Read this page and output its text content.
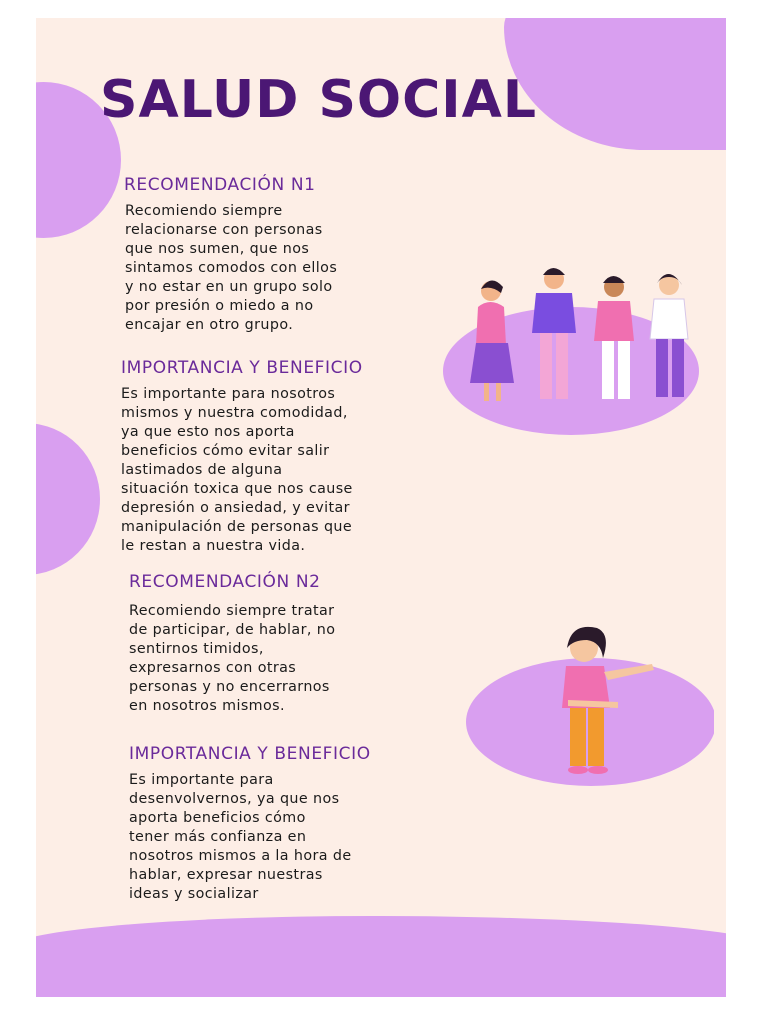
SALUD SOCIAL
RECOMENDACIÓN N1

Recomiendo siempre
relacionarse con personas
que nos sumen, que nos
sintamos comodos con ellos
y no estar en un grupo solo
por presión o miedo a no
encajar en otro grupo.

IMPORTANCIA Y BENEFICIO

Es importante para nosotros
mismos y nuestra comodidad,
ya que esto nos aporta
beneficios cómo evitar salir
lastimados de alguna
situación toxica que nos cause
depresión o ansiedad, y evitar
manipulación de personas que
le restan a nuestra vida.

RECOMENDACIÓN N2

Recomiendo siempre tratar
de participar, de hablar, no
sentirnos timidos,
expresarnos con otras
personas y no encerrarnos
en nosotros mismos.

IMPORTANCIA Y BENEFICIO

Es importante para
desenvolvernos, ya que nos
aporta beneficios cómo
tener más confianza en
nosotros mismos a la hora de
hablar, expresar nuestras
ideas y socializar
